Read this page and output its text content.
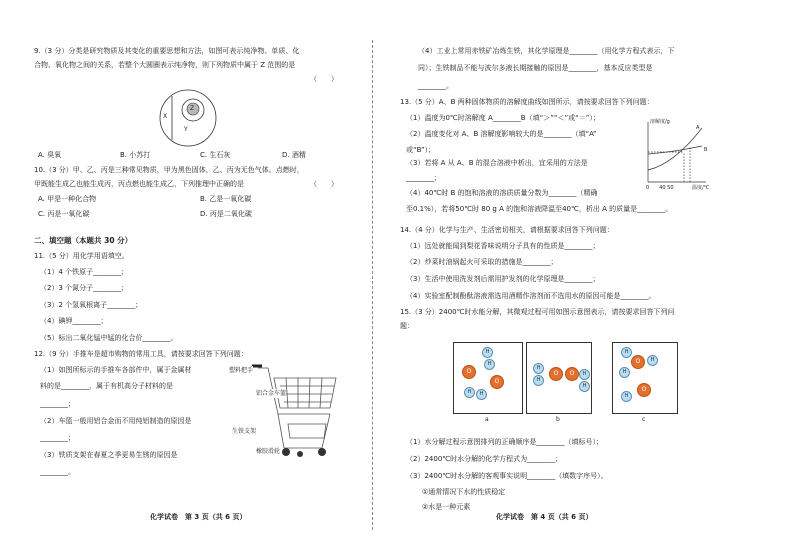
9.（3 分）分类是研究物质及其变化的重要思想和方法，如图可表示纯净物、单质、化
合物、氧化物之间的关系，若整个大圆圈表示纯净物，则下列物质中属于 Z 范围的是
（　　）
Z
X
Y
A. 臭氧	B. 小苏打	C. 生石灰	D. 酒精
10.（3 分）甲、乙、丙是三种常见物质，甲为黑色固体，乙、丙为无色气体。点燃时，
甲既能生成乙也能生成丙，丙点燃也能生成乙，下列推理中正确的是	（　　）
A. 甲是一种化合物	B. 乙是一氧化碳
C. 丙是一氧化碳	D. 丙是二氧化碳
二、填空题（本题共 30 分）
11.（5 分）用化学用语填空。
（1）4 个铁原子________；
（2）3 个氮分子________；
（3）2 个氢氧根离子________；
（4）碘钾________；
（5）标出二氧化锰中锰的化合价________。
12.（9 分）手推车是超市购物的常用工具，请按要求回答下列问题：
（1）如图所标示的手推车各部件中，属于金属材
料的是________，属于有机高分子材料的是
________；
（2）车篮一般用铝合金而不用纯铝制造的原因是
________；
（3）铁质支架在春夏之季更易生锈的原因是
________。
塑料把手
铝合金车篮
生铁支架
橡胶滑轮
化学试卷　第 3 页（共 6 页）
（4）工业上常用赤铁矿冶炼生铁，其化学原理是________（用化学方程式表示，下
同）；生铁制品不能与波尔多液长期接触的原因是________，基本反应类型是
________。
13.（5 分）A、B 两种固体物质的溶解度曲线如图所示，请按要求回答下列问题：
（1）温度为0℃时溶解度 A________B（填“＞”“＜”或“＝”）；
（2）温度变化对 A、B 溶解度影响较大的是________（填“A”
或“B”）；
（3）若将 A 从 A、B 的混合溶液中析出，宜采用的方法是
________；
（4）40℃时 B 的饱和溶液的溶质质量分数为________（精确
至0.1%），若将50℃时 80 g A 的饱和溶液降温至40℃，析出 A 的质量是________。
溶解度/g
温度/℃
A
B
0　　40 50
14.（4 分）化学与生产、生活密切相关，请根据要求回答下列问题：
（1）远处就能闻到梨花香味说明分子具有的性质是________；
（2）炒菜时油锅起火可采取的措施是________；
（3）生活中使用洗发剂后需用护发剂的化学原理是________；
（4）实验室配制酚酞溶液需选用酒精作溶剂而不选用水的原因可能是________。
15.（3 分）2400℃时水能分解，其微观过程可用如图示意图表示，请按要求回答下列问
题：
H
H
O
O
H	H
a
H
H
O	O	H
H
b
H
O
H
H
O
H
c
（1）水分解过程示意图排列的正确顺序是________（填标号）；
（2）2400℃时水分解的化学方程式为________；
（3）2400℃时水分解的客观事实说明________（填数字序号）。
①通常情况下水的性质稳定
②水是一种元素
化学试卷　第 4 页（共 6 页）
